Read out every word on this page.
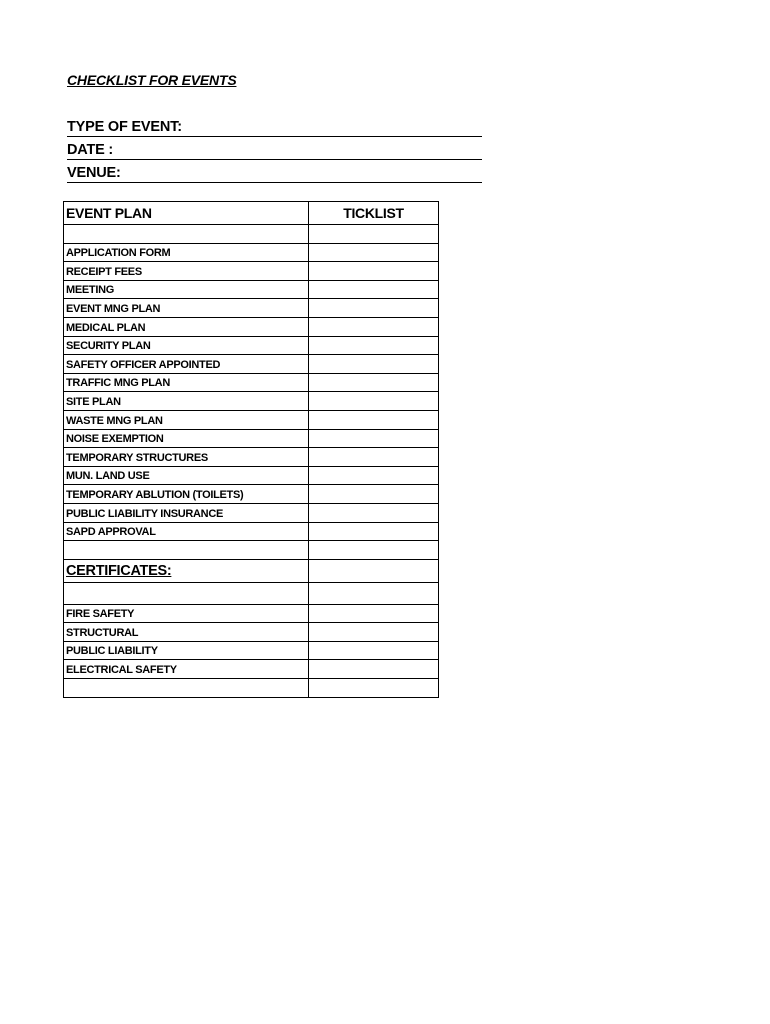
CHECKLIST FOR EVENTS
TYPE OF EVENT:
DATE :
VENUE:
EVENT PLAN	TICKLIST

APPLICATION FORM	
RECEIPT FEES	
MEETING	
EVENT MNG PLAN	
MEDICAL PLAN	
SECURITY PLAN	
SAFETY OFFICER APPOINTED	
TRAFFIC MNG PLAN	
SITE PLAN	
WASTE MNG PLAN	
NOISE EXEMPTION	
TEMPORARY STRUCTURES	
MUN. LAND USE	
TEMPORARY ABLUTION (TOILETS)	
PUBLIC LIABILITY INSURANCE	
SAPD APPROVAL	

CERTIFICATES:	

FIRE SAFETY	
STRUCTURAL	
PUBLIC LIABILITY	
ELECTRICAL SAFETY	
